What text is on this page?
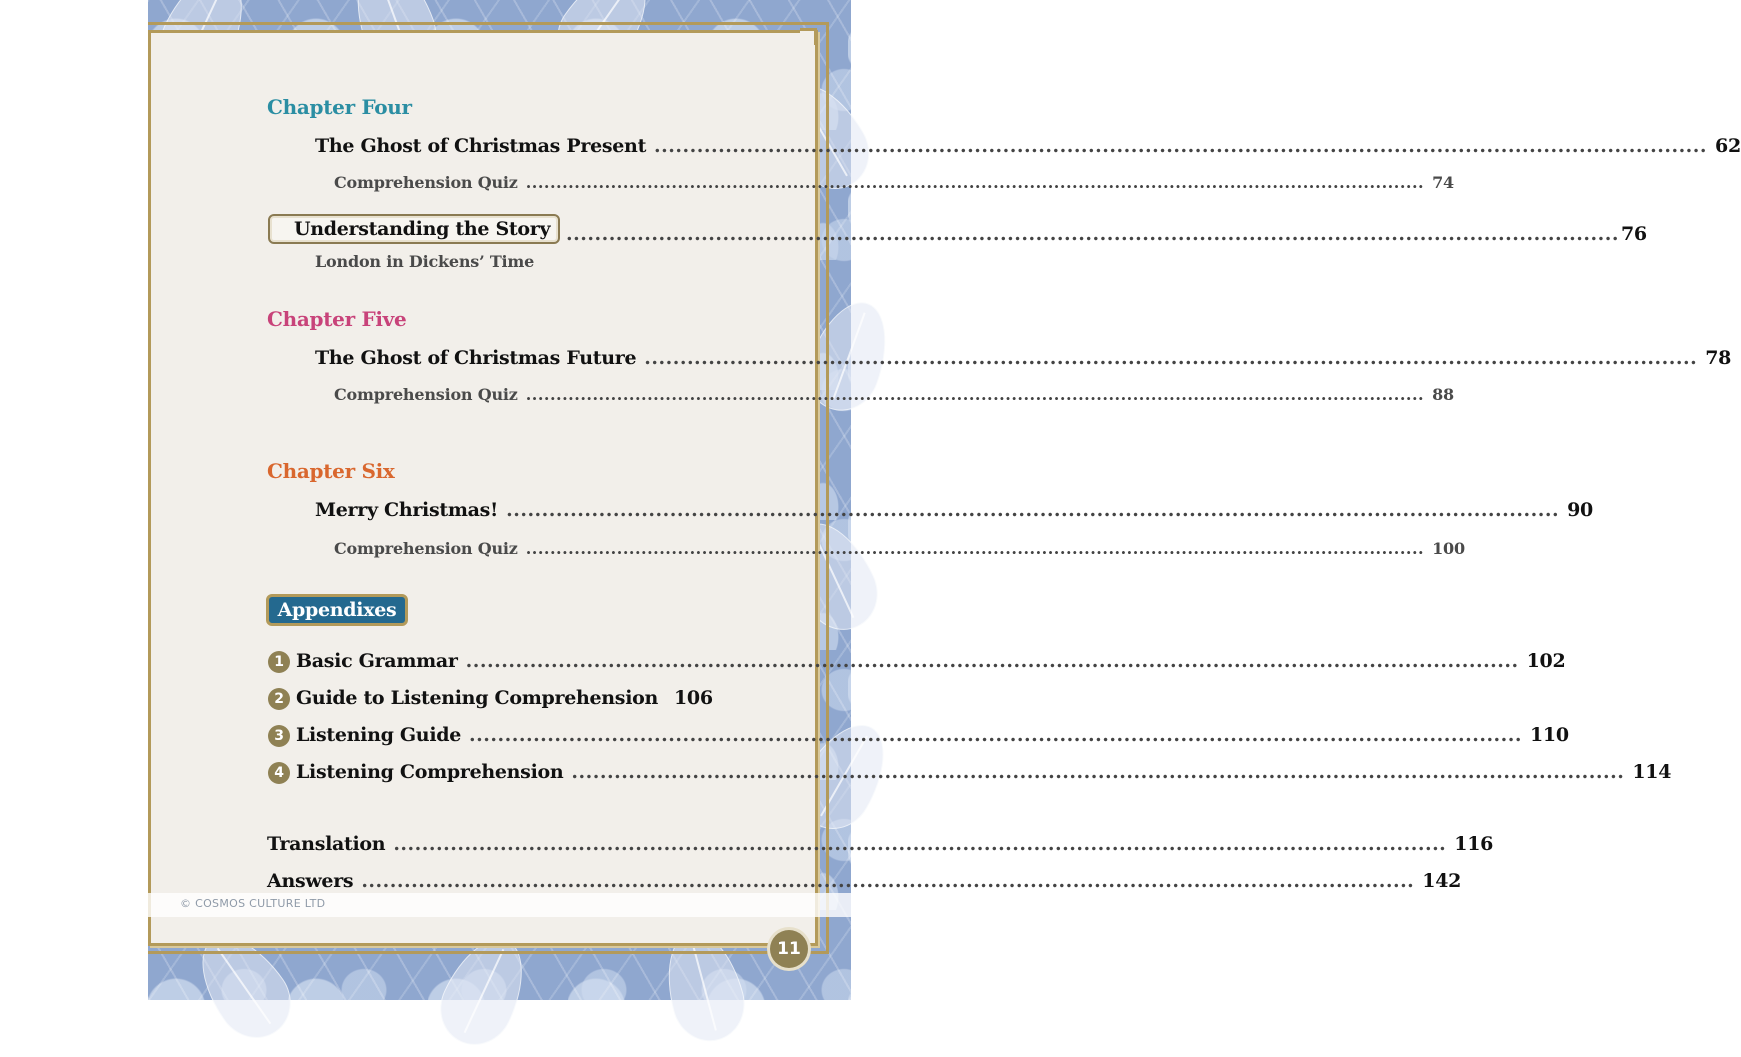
Chapter Four
The Ghost of Christmas Present .....	62
Comprehension Quiz .....	74
Understanding the Story .....	76
London in Dickens’ Time
Chapter Five
The Ghost of Christmas Future .....	78
Comprehension Quiz .....	88
Chapter Six
Merry Christmas! .....	90
Comprehension Quiz .....	100
Appendixes
1 Basic Grammar .....	102
2 Guide to Listening Comprehension 106
3 Listening Guide .....	110
4 Listening Comprehension .....	114
Translation .....	116
Answers .....	142
© COSMOS CULTURE LTD
11
